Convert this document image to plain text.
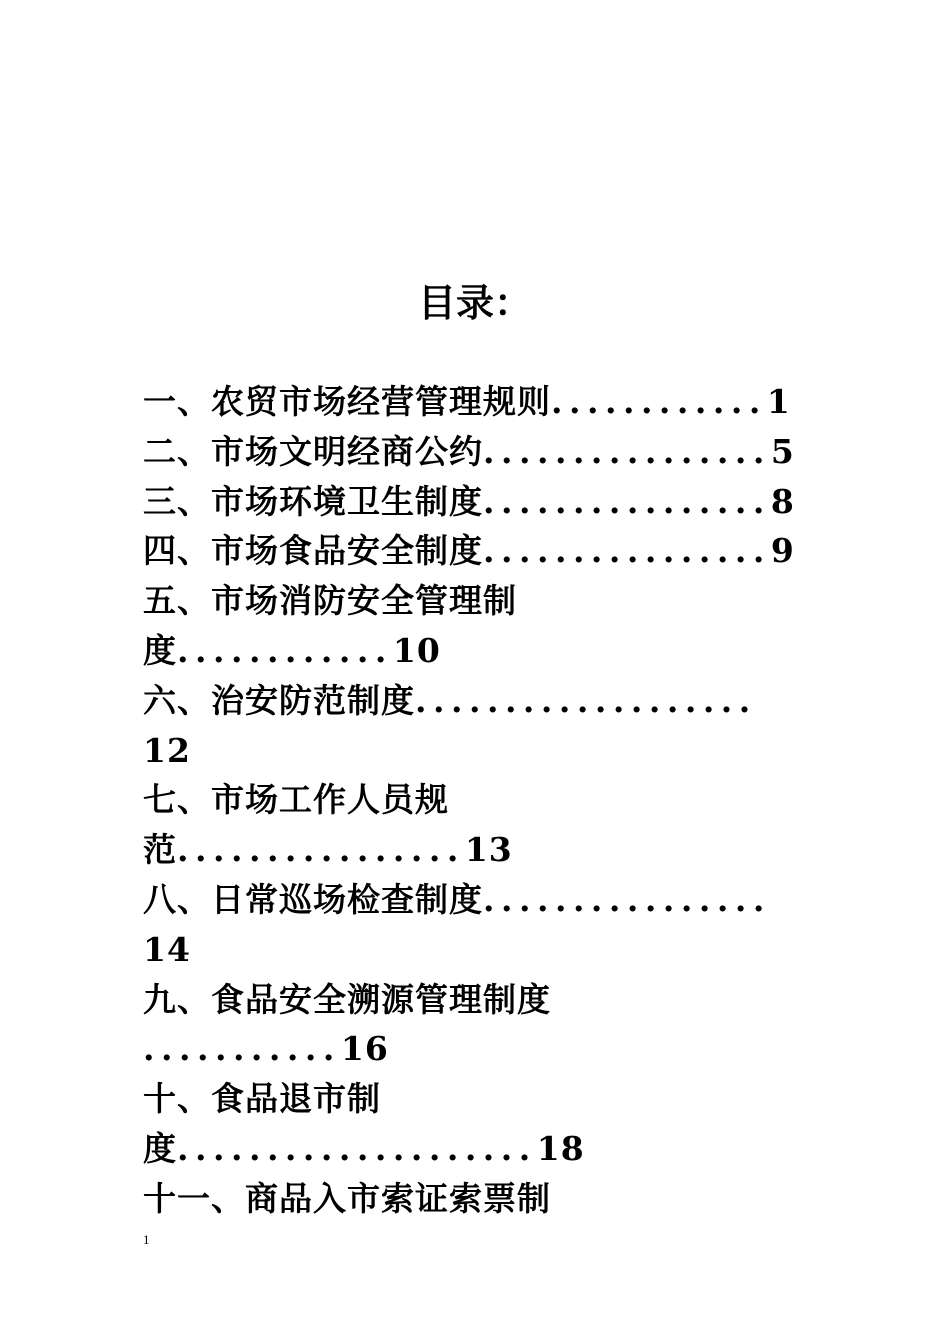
目录：
一、农贸市场经营管理规则............1
二、市场文明经商公约................5
三、市场环境卫生制度................8
四、市场食品安全制度................9
五、市场消防安全管理制
度............10
六、治安防范制度...................
12
七、市场工作人员规
范................13
八、日常巡场检查制度................
14
九、食品安全溯源管理制度
...........16
十、食品退市制
度....................18
十一、商品入市索证索票制
1
